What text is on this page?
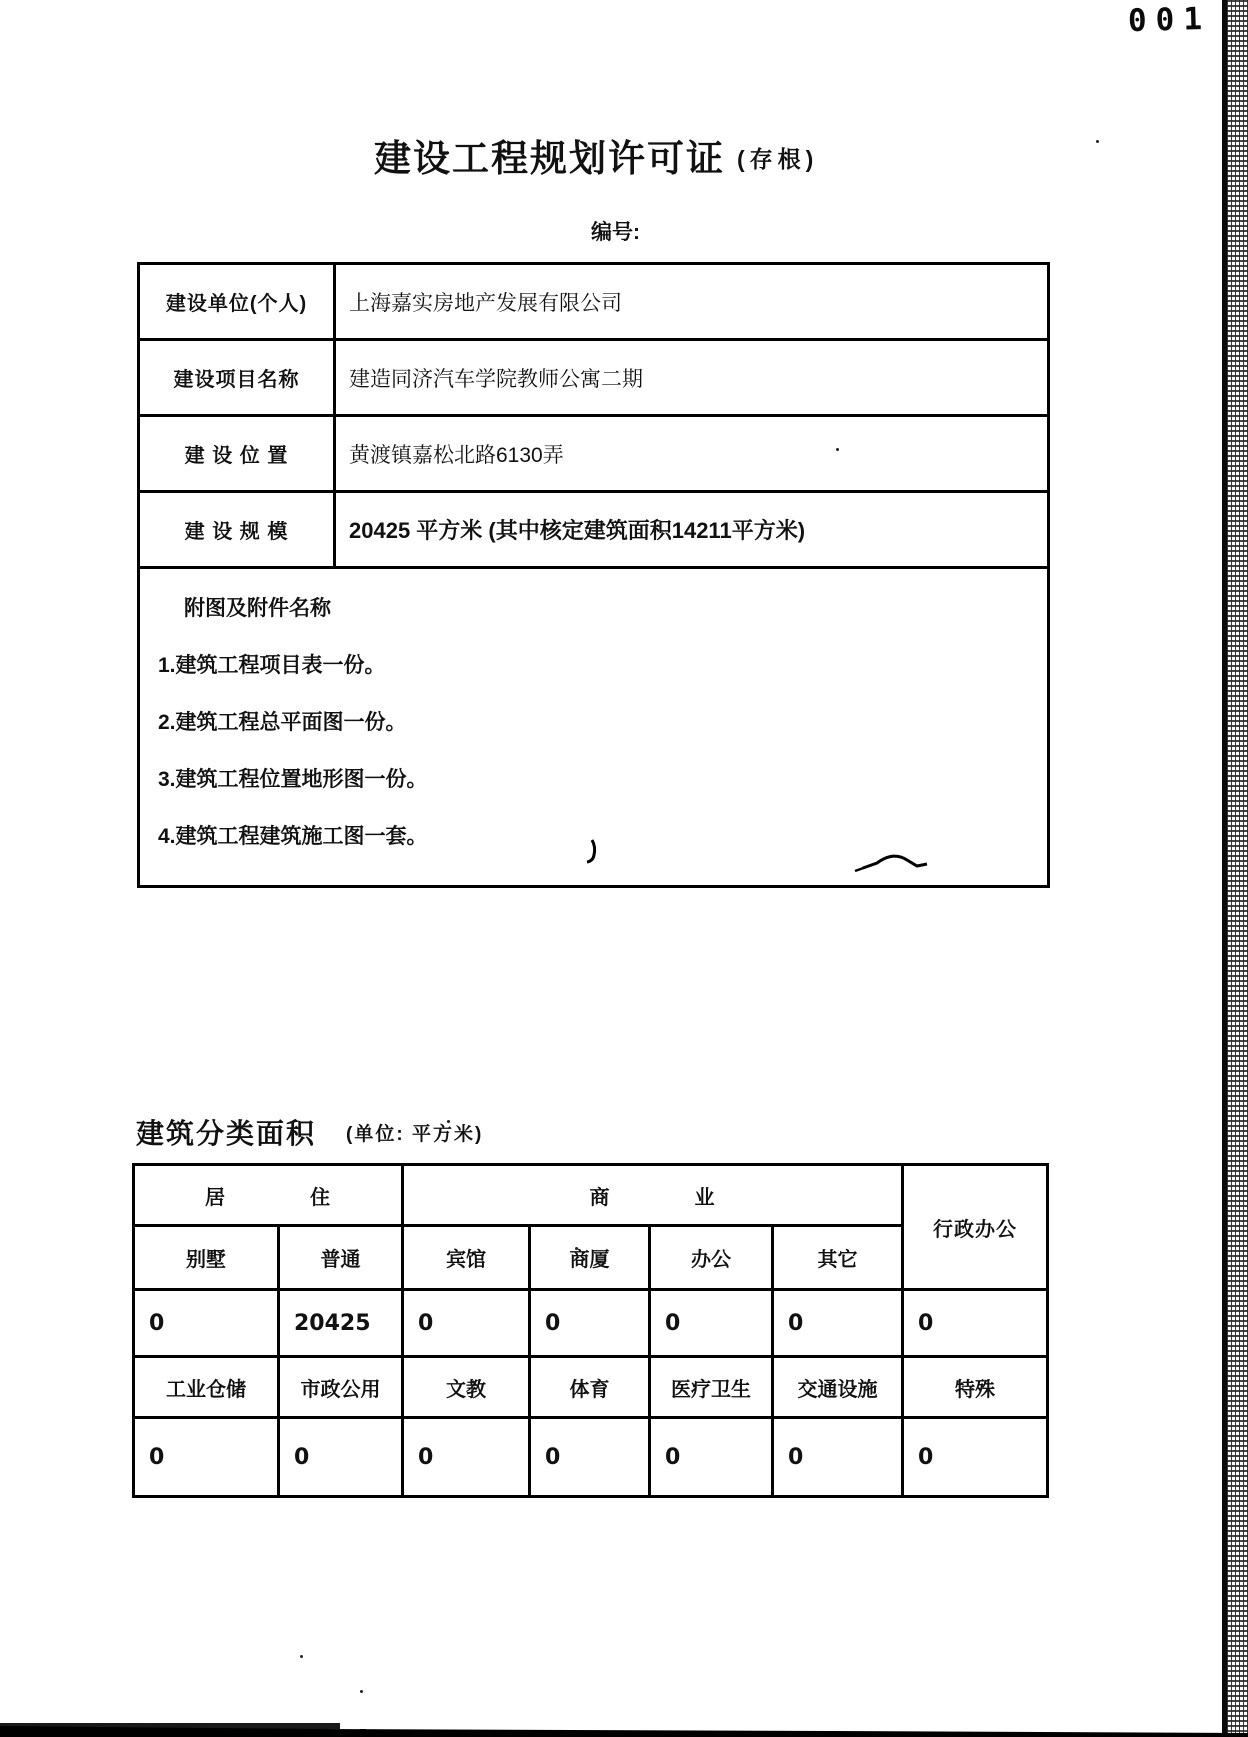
001
建设工程规划许可证 (存根)
编号:
建设单位(个人)	上海嘉实房地产发展有限公司
建设项目名称	建造同济汽车学院教师公寓二期
建 设 位 置	黄渡镇嘉松北路6130弄
建 设 规 模	20425 平方米 (其中核定建筑面积14211平方米)

附图及附件名称
1.建筑工程项目表一份。
2.建筑工程总平面图一份。
3.建筑工程位置地形图一份。
4.建筑工程建筑施工图一套。	
建筑分类面积 (单位: 平方米)
居　　　　住		商　　　　业				行政办公
别墅	普通	宾馆	商厦	办公	其它	
0	20425	0	0	0	0	0
工业仓储	市政公用	文教	体育	医疗卫生	交通设施	特殊
0	0	0	0	0	0	0
